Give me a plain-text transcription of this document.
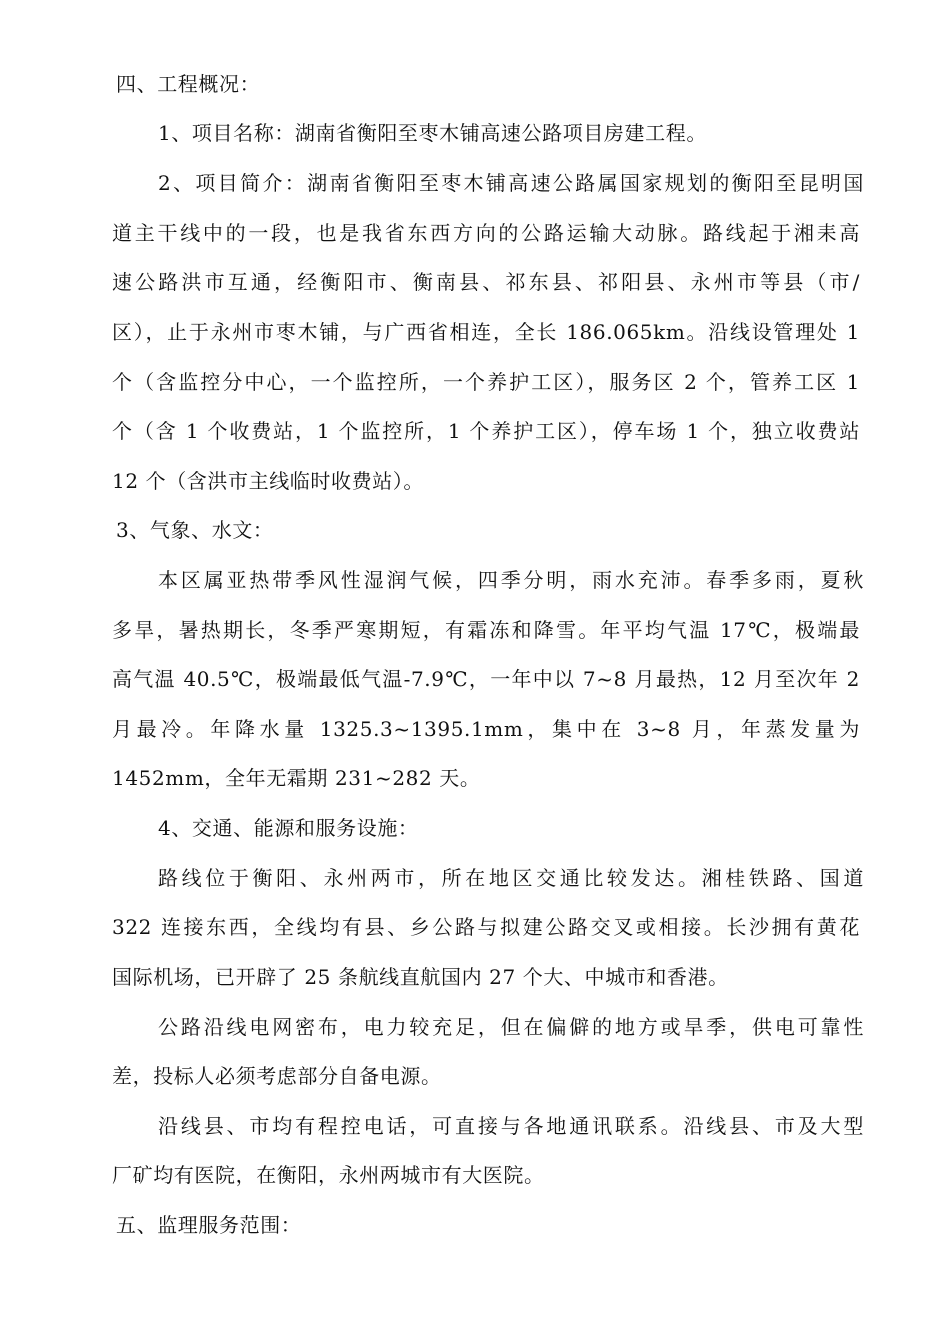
四、工程概况：
1、项目名称：湖南省衡阳至枣木铺高速公路项目房建工程。
2、项目简介：湖南省衡阳至枣木铺高速公路属国家规划的衡阳至昆明国
道主干线中的一段，也是我省东西方向的公路运输大动脉。路线起于湘耒高
速公路洪市互通，经衡阳市、衡南县、祁东县、祁阳县、永州市等县（市/
区），止于永州市枣木铺，与广西省相连，全长 186.065km。沿线设管理处 1
个（含监控分中心，一个监控所，一个养护工区），服务区 2 个，管养工区 1
个（含 1 个收费站，1 个监控所，1 个养护工区），停车场 1 个，独立收费站
12 个（含洪市主线临时收费站）。
3、气象、水文：
本区属亚热带季风性湿润气候，四季分明，雨水充沛。春季多雨，夏秋
多旱，暑热期长，冬季严寒期短，有霜冻和降雪。年平均气温 17℃，极端最
高气温 40.5℃，极端最低气温-7.9℃，一年中以 7~8 月最热，12 月至次年 2
月最冷。年降水量 1325.3~1395.1mm，集中在 3~8 月，年蒸发量为
1452mm，全年无霜期 231~282 天。
4、交通、能源和服务设施：
路线位于衡阳、永州两市，所在地区交通比较发达。湘桂铁路、国道
322 连接东西，全线均有县、乡公路与拟建公路交叉或相接。长沙拥有黄花
国际机场，已开辟了 25 条航线直航国内 27 个大、中城市和香港。
公路沿线电网密布，电力较充足，但在偏僻的地方或旱季，供电可靠性
差，投标人必须考虑部分自备电源。
沿线县、市均有程控电话，可直接与各地通讯联系。沿线县、市及大型
厂矿均有医院，在衡阳，永州两城市有大医院。
五、监理服务范围：
